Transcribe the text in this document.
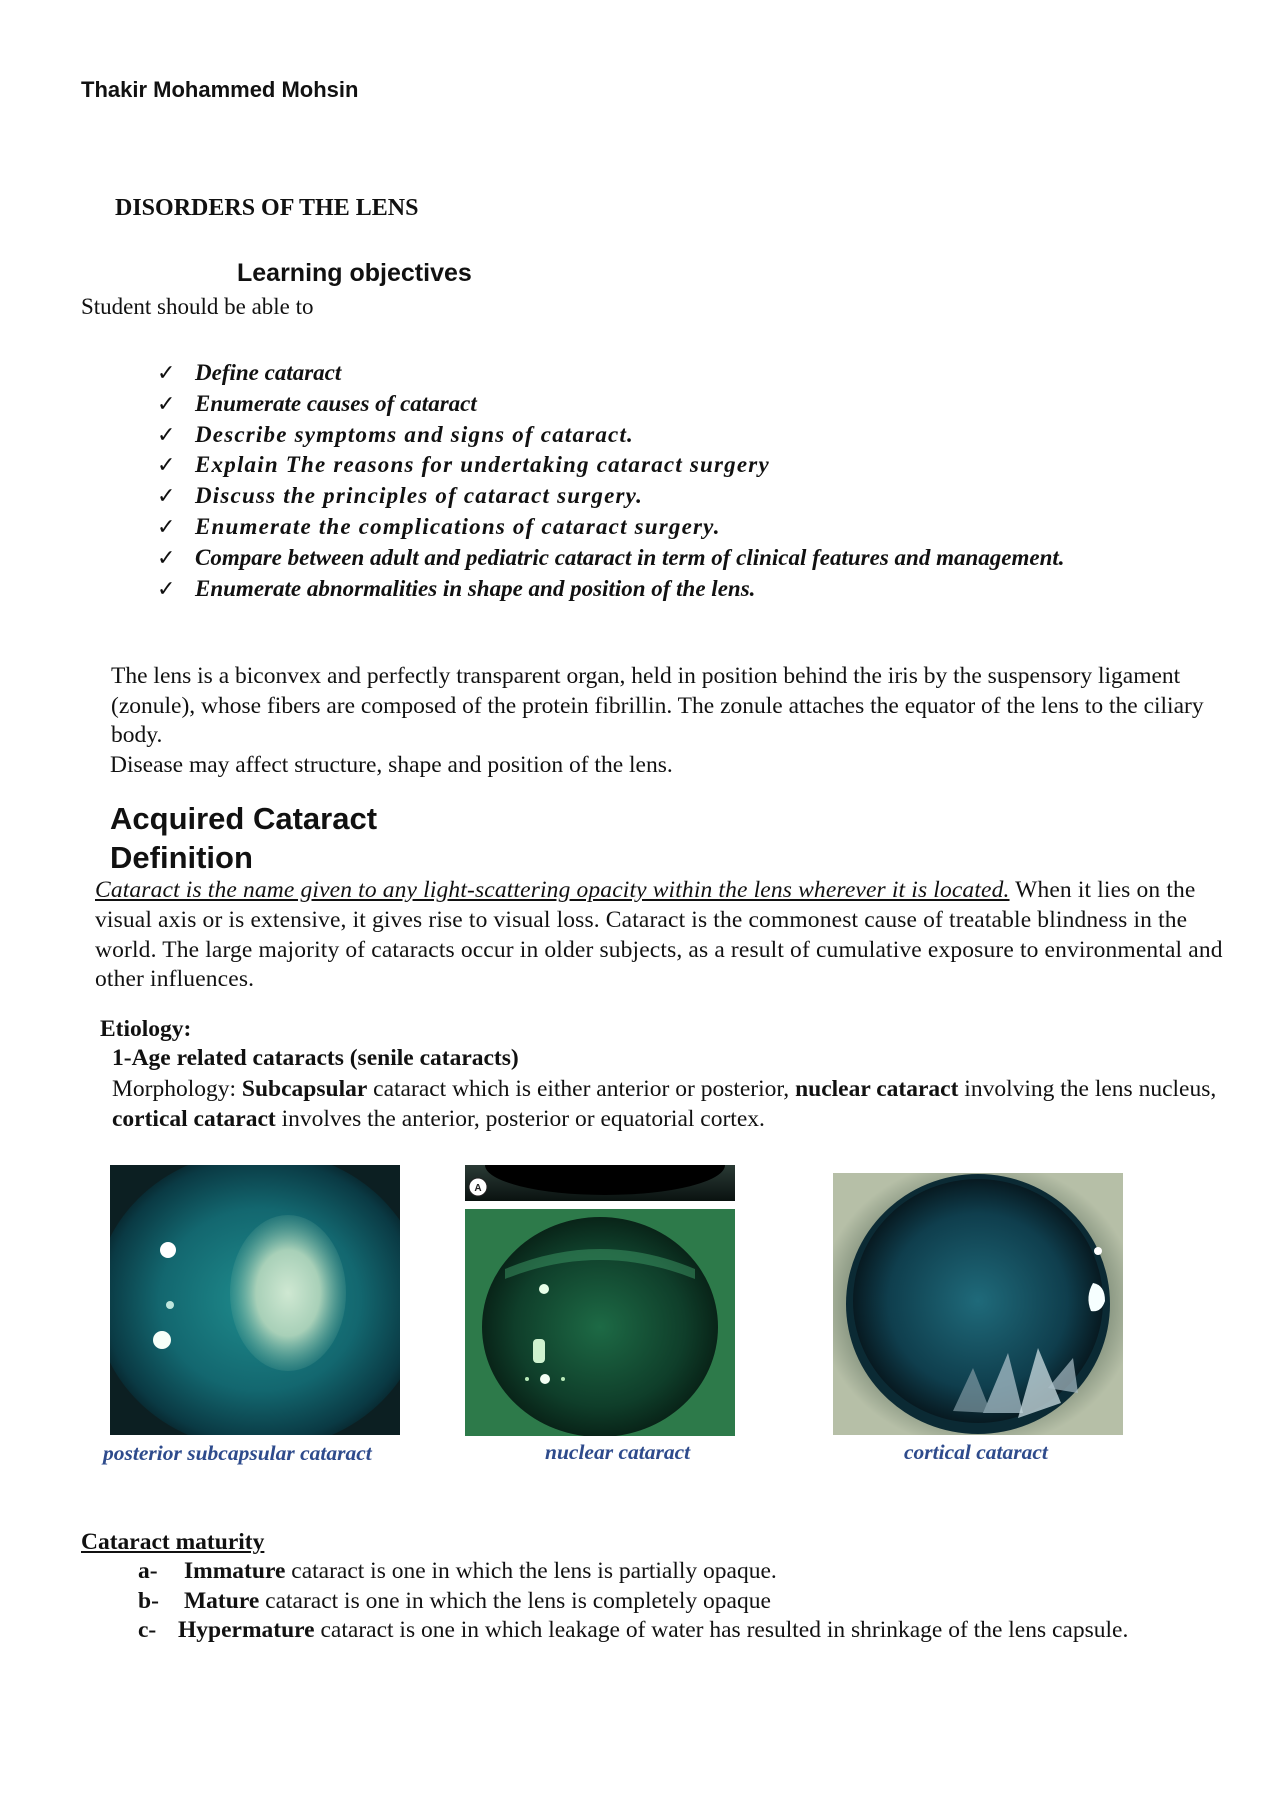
Thakir Mohammed Mohsin
DISORDERS OF THE LENS
Learning objectives
Student should be able to
✓ Define cataract
✓ Enumerate causes of cataract
✓ Describe symptoms and signs of cataract.
✓ Explain The reasons for undertaking cataract surgery
✓ Discuss the principles of cataract surgery.
✓ Enumerate the complications of cataract surgery.
✓ Compare between adult and pediatric cataract in term of clinical features and management.
✓ Enumerate abnormalities in shape and position of the lens.

The lens is a biconvex and perfectly transparent organ, held in position behind the iris by the suspensory ligament (zonule), whose fibers are composed of the protein fibrillin. The zonule attaches the equator of the lens to the ciliary body.

Disease may affect structure, shape and position of the lens.

Acquired Cataract
Definition
Cataract is the name given to any light-scattering opacity within the lens wherever it is located. When it lies on the visual axis or is extensive, it gives rise to visual loss. Cataract is the commonest cause of treatable blindness in the world. The large majority of cataracts occur in older subjects, as a result of cumulative exposure to environmental and other influences.
Etiology:
1-Age related cataracts (senile cataracts)
Morphology: Subcapsular cataract which is either anterior or posterior, nuclear cataract involving the lens nucleus, cortical cataract involves the anterior, posterior or equatorial cortex.
A
posterior subcapsular cataract	nuclear cataract	cortical cataract
Cataract maturity
a- Immature cataract is one in which the lens is partially opaque.
b- Mature cataract is one in which the lens is completely opaque
c- Hypermature cataract is one in which leakage of water has resulted in shrinkage of the lens capsule.
